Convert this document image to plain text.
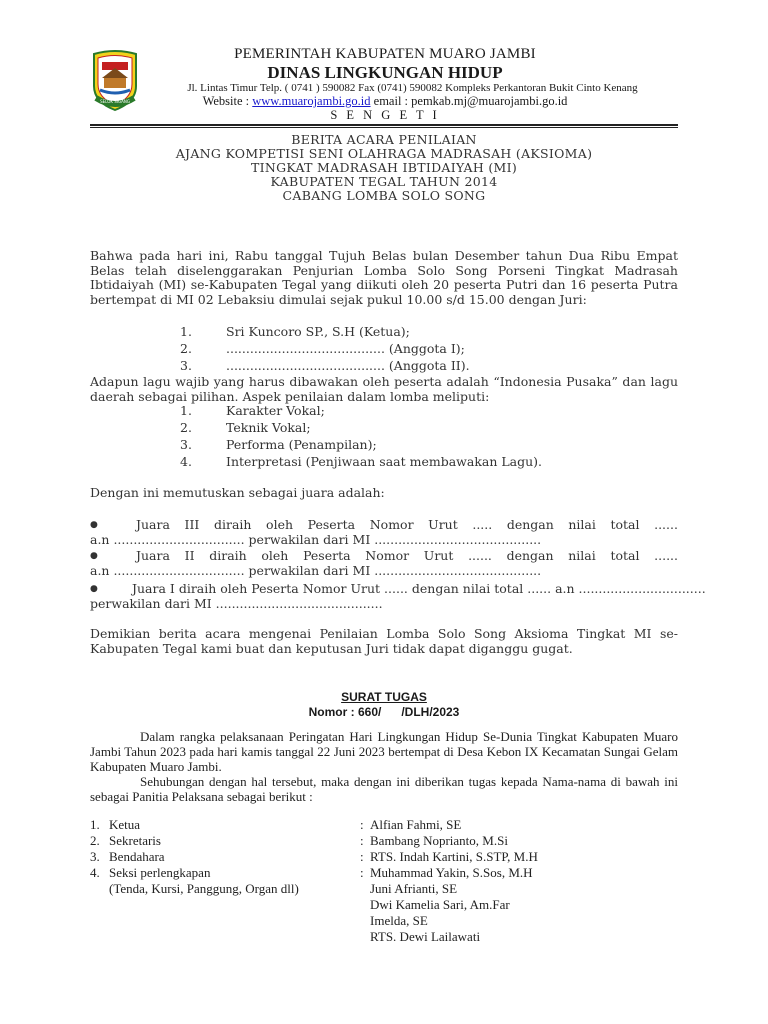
SELOK SIGANG
PEMERINTAH KABUPATEN MUARO JAMBI
DINAS LINGKUNGAN HIDUP
Jl. Lintas Timur Telp. ( 0741 ) 590082 Fax (0741) 590082 Kompleks Perkantoran Bukit Cinto Kenang
Website : www.muarojambi.go.id email : pemkab.mj@muarojambi.go.id
S E N G E T I
BERITA ACARA PENILAIAN
AJANG KOMPETISI SENI OLAHRAGA MADRASAH (AKSIOMA)
TINGKAT MADRASAH IBTIDAIYAH (MI)
KABUPATEN TEGAL TAHUN 2014
CABANG LOMBA SOLO SONG
Bahwa pada hari ini, Rabu tanggal Tujuh Belas bulan Desember tahun Dua Ribu Empat Belas telah diselenggarakan Penjurian Lomba Solo Song Porseni Tingkat Madrasah Ibtidaiyah (MI) se-Kabupaten Tegal yang diikuti oleh 20 peserta Putri dan 16 peserta Putra bertempat di MI 02 Lebaksiu dimulai sejak pukul 10.00 s/d 15.00 dengan Juri:
1.	Sri Kuncoro SP., S.H (Ketua);
2.	........................................ (Anggota I);
3.	........................................ (Anggota II).
Adapun lagu wajib yang harus dibawakan oleh peserta adalah “Indonesia Pusaka” dan lagu daerah sebagai pilihan. Aspek penilaian dalam lomba meliputi:
1.	Karakter Vokal;
2.	Teknik Vokal;
3.	Performa (Penampilan);
4.	Interpretasi (Penjiwaan saat membawakan Lagu).
Dengan ini memutuskan sebagai juara adalah:
●	Juara III diraih oleh Peserta Nomor Urut ..... dengan nilai total ......
a.n ................................. perwakilan dari MI ..........................................
●	Juara II diraih oleh Peserta Nomor Urut ...... dengan nilai total ......
a.n ................................. perwakilan dari MI ..........................................
●	Juara I diraih oleh Peserta Nomor Urut ...... dengan nilai total ...... a.n ................................
perwakilan dari MI ..........................................
Demikian berita acara mengenai Penilaian Lomba Solo Song Aksioma Tingkat MI se-Kabupaten Tegal kami buat dan keputusan Juri tidak dapat diganggu gugat.
SURAT TUGAS
Nomor : 660/      /DLH/2023
Dalam rangka pelaksanaan Peringatan Hari Lingkungan Hidup Se-Dunia Tingkat Kabupaten Muaro Jambi Tahun 2023 pada hari kamis tanggal 22 Juni 2023 bertempat di Desa Kebon IX Kecamatan Sungai Gelam Kabupaten Muaro Jambi.
Sehubungan dengan hal tersebut, maka dengan ini diberikan tugas kepada Nama-nama di bawah ini sebagai Panitia Pelaksana sebagai berikut :
1. Ketua	: Alfian Fahmi, SE
2. Sekretaris	: Bambang Noprianto, M.Si
3. Bendahara	: RTS. Indah Kartini, S.STP, M.H
4. Seksi perlengkapan	: Muhammad Yakin, S.Sos, M.H
(Tenda, Kursi, Panggung, Organ dll)	Juni Afrianti, SE
Dwi Kamelia Sari, Am.Far
Imelda, SE
RTS. Dewi Lailawati
